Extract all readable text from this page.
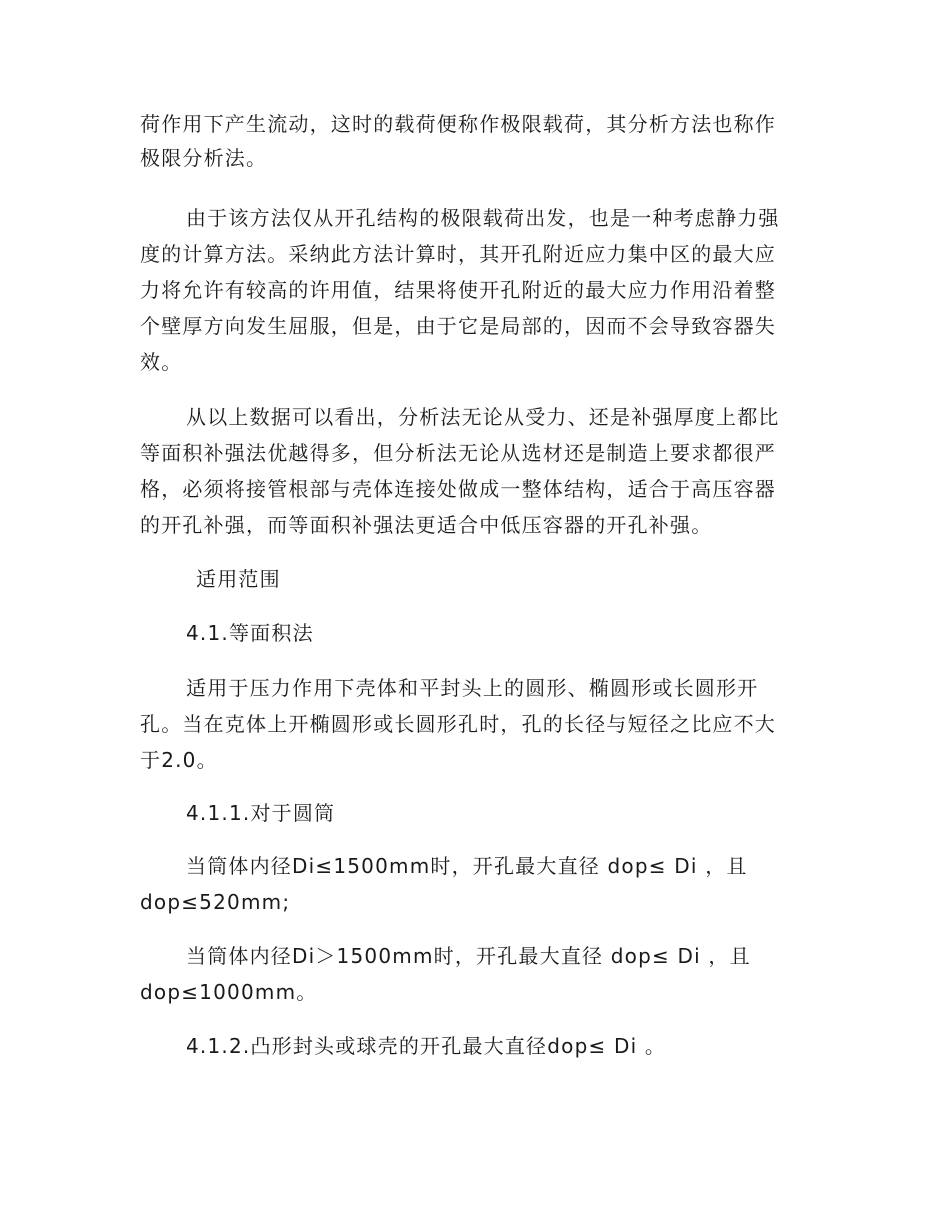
荷作用下产生流动，这时的载荷便称作极限载荷，其分析方法也称作
极限分析法。
由于该方法仅从开孔结构的极限载荷出发，也是一种考虑静力强
度的计算方法。采纳此方法计算时，其开孔附近应力集中区的最大应
力将允许有较高的许用值，结果将使开孔附近的最大应力作用沿着整
个壁厚方向发生屈服，但是，由于它是局部的，因而不会导致容器失
效。
从以上数据可以看出，分析法无论从受力、还是补强厚度上都比
等面积补强法优越得多，但分析法无论从选材还是制造上要求都很严
格，必须将接管根部与壳体连接处做成一整体结构，适合于高压容器
的开孔补强，而等面积补强法更适合中低压容器的开孔补强。
适用范围
4.1.等面积法
适用于压力作用下壳体和平封头上的圆形、椭圆形或长圆形开
孔。当在克体上开椭圆形或长圆形孔时，孔的长径与短径之比应不大
于2.0。
4.1.1.对于圆筒
当筒体内径Di≤1500mm时，开孔最大直径 dop≤ Di ，且
dop≤520mm;
当筒体内径Di＞1500mm时，开孔最大直径 dop≤ Di ，且
dop≤1000mm。
4.1.2.凸形封头或球壳的开孔最大直径dop≤ Di 。
